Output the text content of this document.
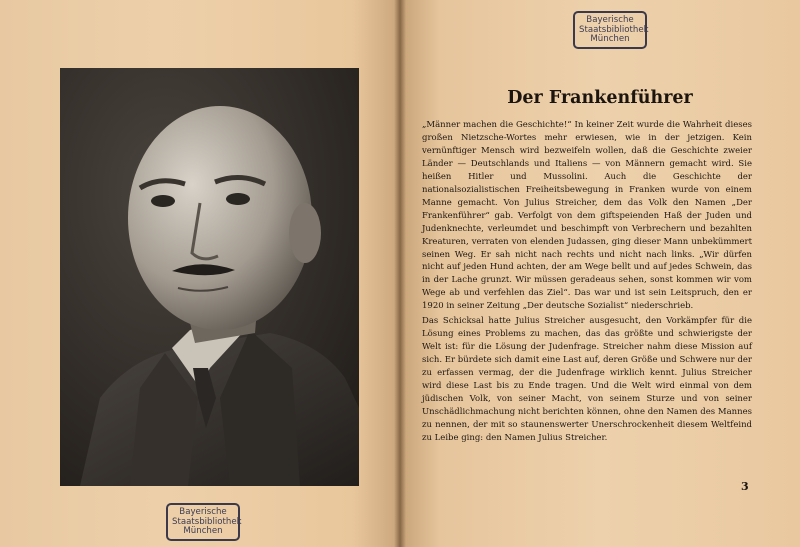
Bayerische
Staatsbibliothek
München
Bayerische
Staatsbibliothek
München
Der Frankenführer

„Männer machen die Geschichte!“ In keiner Zeit wurde die Wahrheit dieses großen Nietzsche-Wortes mehr erwiesen, wie in der jetzigen. Kein vernünftiger Mensch wird bezweifeln wollen, daß die Geschichte zweier Länder — Deutschlands und Italiens — von Männern gemacht wird. Sie heißen Hitler und Mussolini. Auch die Geschichte der nationalsozialistischen Freiheitsbewegung in Franken wurde von einem Manne gemacht. Von Julius Streicher, dem das Volk den Namen „Der Frankenführer“ gab. Verfolgt von dem giftspeienden Haß der Juden und Judenknechte, verleumdet und beschimpft von Verbrechern und bezahlten Kreaturen, verraten von elenden Judassen, ging dieser Mann unbekümmert seinen Weg. Er sah nicht nach rechts und nicht nach links. „Wir dürfen nicht auf jeden Hund achten, der am Wege bellt und auf jedes Schwein, das in der Lache grunzt. Wir müssen geradeaus sehen, sonst kommen wir vom Wege ab und verfehlen das Ziel“. Das war und ist sein Leitspruch, den er 1920 in seiner Zeitung „Der deutsche Sozialist“ niederschrieb.

Das Schicksal hatte Julius Streicher ausgesucht, den Vorkämpfer für die Lösung eines Problems zu machen, das das größte und schwierigste der Welt ist: für die Lösung der Judenfrage. Streicher nahm diese Mission auf sich. Er bürdete sich damit eine Last auf, deren Größe und Schwere nur der zu erfassen vermag, der die Judenfrage wirklich kennt. Julius Streicher wird diese Last bis zu Ende tragen. Und die Welt wird einmal von dem jüdischen Volk, von seiner Macht, von seinem Sturze und von seiner Unschädlichmachung nicht berichten können, ohne den Namen des Mannes zu nennen, der mit so staunenswerter Unerschrockenheit diesem Weltfeind zu Leibe ging: den Namen Julius Streicher.

3
